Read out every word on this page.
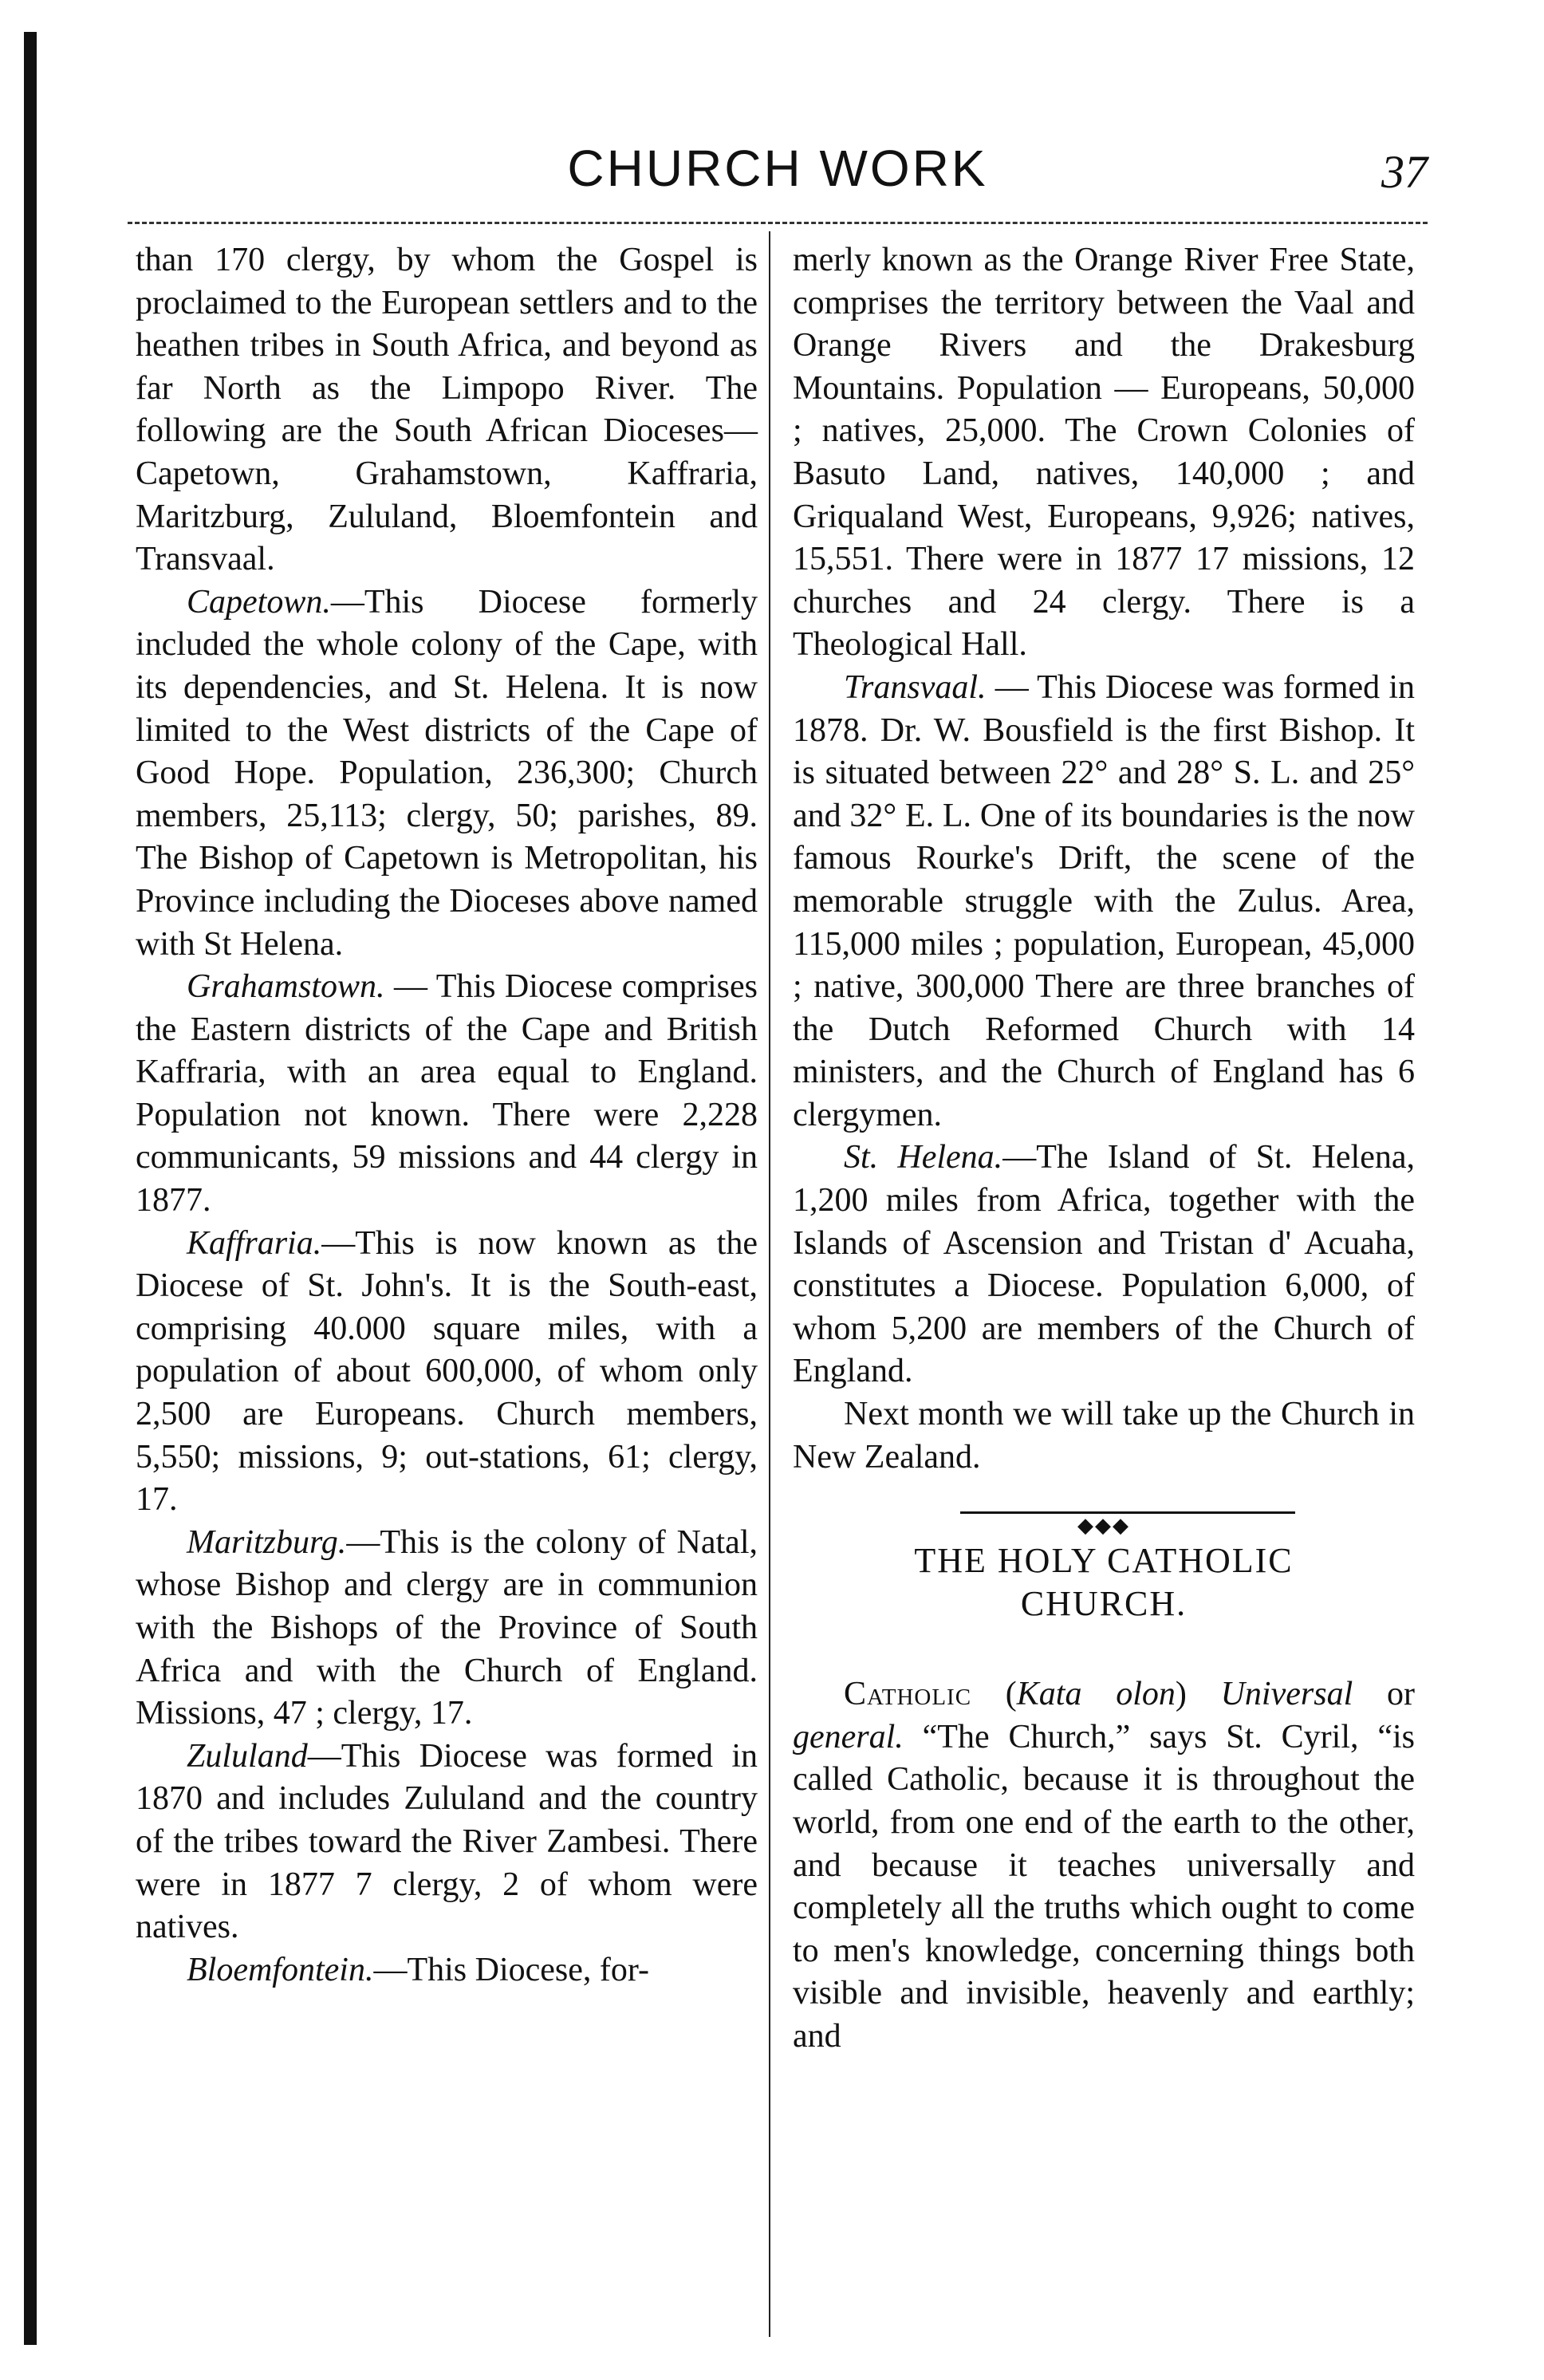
CHURCH WORK	37

than 170 clergy, by whom the Gospel is proclaimed to the European settlers and to the heathen tribes in South Africa, and beyond as far North as the Limpopo River. The following are the South African Dioceses—Capetown, Grahamstown, Kaffraria, Maritzburg, Zululand, Bloemfontein and Transvaal.

Capetown.—This Diocese formerly included the whole colony of the Cape, with its dependencies, and St. Helena. It is now limited to the West districts of the Cape of Good Hope. Population, 236,300; Church members, 25,113; clergy, 50; parishes, 89. The Bishop of Capetown is Metropolitan, his Province including the Dioceses above named with St Helena.

Grahamstown. — This Diocese comprises the Eastern districts of the Cape and British Kaffraria, with an area equal to England. Population not known. There were 2,228 communicants, 59 missions and 44 clergy in 1877.

Kaffraria.—This is now known as the Diocese of St. John's. It is the South-east, comprising 40.000 square miles, with a population of about 600,000, of whom only 2,500 are Europeans. Church members, 5,550; missions, 9; out-stations, 61; clergy, 17.

Maritzburg.—This is the colony of Natal, whose Bishop and clergy are in communion with the Bishops of the Province of South Africa and with the Church of England. Missions, 47 ; clergy, 17.

Zululand—This Diocese was formed in 1870 and includes Zululand and the country of the tribes toward the River Zambesi. There were in 1877 7 clergy, 2 of whom were natives.

Bloemfontein.—This Diocese, for-

merly known as the Orange River Free State, comprises the territory between the Vaal and Orange Rivers and the Drakesburg Mountains. Population — Europeans, 50,000 ; natives, 25,000. The Crown Colonies of Basuto Land, natives, 140,000 ; and Griqualand West, Europeans, 9,926; natives, 15,551. There were in 1877 17 missions, 12 churches and 24 clergy. There is a Theological Hall.

Transvaal. — This Diocese was formed in 1878. Dr. W. Bousfield is the first Bishop. It is situated between 22° and 28° S. L. and 25° and 32° E. L. One of its boundaries is the now famous Rourke's Drift, the scene of the memorable struggle with the Zulus. Area, 115,000 miles ; population, European, 45,000 ; native, 300,000 There are three branches of the Dutch Reformed Church with 14 ministers, and the Church of England has 6 clergymen.

St. Helena.—The Island of St. Helena, 1,200 miles from Africa, together with the Islands of Ascension and Tristan d' Acuaha, constitutes a Diocese. Population 6,000, of whom 5,200 are members of the Church of England.

Next month we will take up the Church in New Zealand.

◆◆◆
THE HOLY CATHOLIC
CHURCH.

Catholic (Kata olon) Universal or general. “The Church,” says St. Cyril, “is called Catholic, because it is throughout the world, from one end of the earth to the other, and because it teaches universally and completely all the truths which ought to come to men's knowledge, concerning things both visible and invisible, heavenly and earthly; and
